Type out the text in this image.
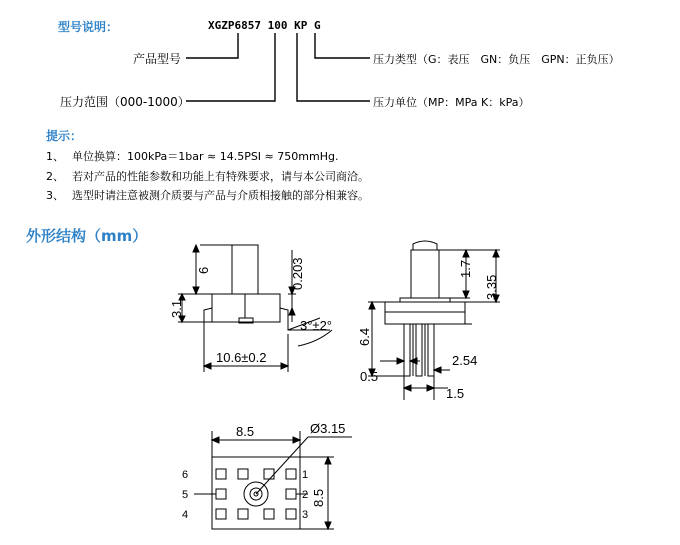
型号说明：	XGZP6857 100 KP G
产品型号
压力范围（000-1000）
压力类型（G：表压　GN：负压　GPN：正负压）
压力单位（MP：MPa K：kPa）
提示：
1、 单位换算：100kPa＝1bar ≈ 14.5PSI ≈ 750mmHg.
2、 若对产品的性能参数和功能上有特殊要求，请与本公司商洽。
3、 选型时请注意被测介质要与产品与介质相接触的部分相兼容。
外形结构（mm）
6
3.1
10.6±0.2
0.203
3°±2°
1.7
3.35
6.4
2.54
0.5
1.5
8.5	Ø3.15
8.5
6
5
4
1
2
3
